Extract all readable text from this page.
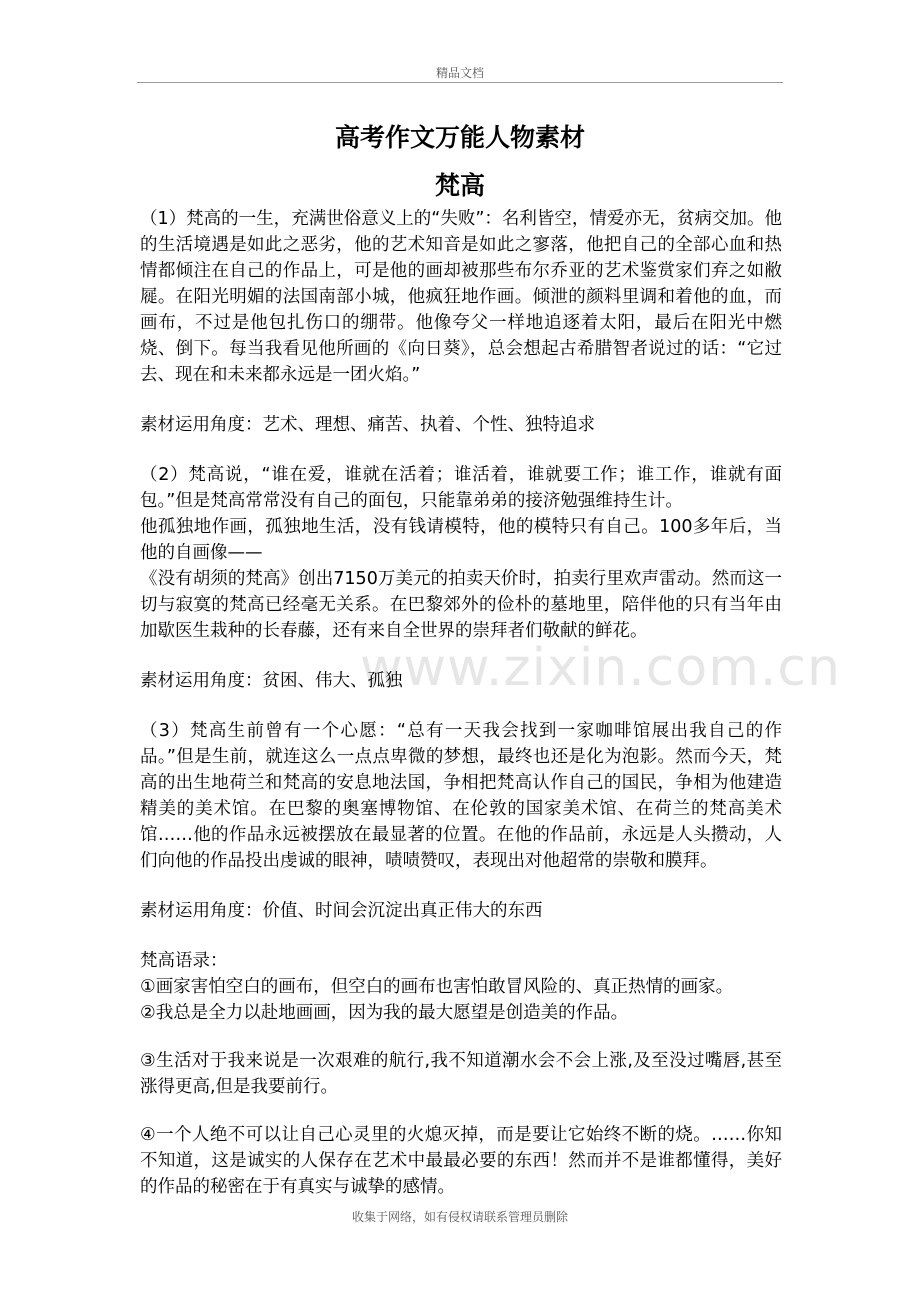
精品文档
高考作文万能人物素材
梵高
www.zixin.com.cn

（1）梵高的一生，充满世俗意义上的“失败”：名利皆空，情爱亦无，贫病交加。他的生活境遇是如此之恶劣，他的艺术知音是如此之寥落，他把自己的全部心血和热情都倾注在自己的作品上，可是他的画却被那些布尔乔亚的艺术鉴赏家们弃之如敝屣。在阳光明媚的法国南部小城，他疯狂地作画。倾泄的颜料里调和着他的血，而画布，不过是他包扎伤口的绷带。他像夸父一样地追逐着太阳，最后在阳光中燃烧、倒下。每当我看见他所画的《向日葵》，总会想起古希腊智者说过的话：“它过去、现在和未来都永远是一团火焰。”

素材运用角度：艺术、理想、痛苦、执着、个性、独特追求

（2）梵高说，“谁在爱，谁就在活着；谁活着，谁就要工作；谁工作，谁就有面包。”但是梵高常常没有自己的面包，只能靠弟弟的接济勉强维持生计。

他孤独地作画，孤独地生活，没有钱请模特，他的模特只有自己。100多年后，当他的自画像——

《没有胡须的梵高》创出7150万美元的拍卖天价时，拍卖行里欢声雷动。然而这一切与寂寞的梵高已经毫无关系。在巴黎郊外的俭朴的墓地里，陪伴他的只有当年由加歇医生栽种的长春藤，还有来自全世界的崇拜者们敬献的鲜花。

素材运用角度：贫困、伟大、孤独

（3）梵高生前曾有一个心愿：“总有一天我会找到一家咖啡馆展出我自己的作品。”但是生前，就连这么一点点卑微的梦想，最终也还是化为泡影。然而今天，梵高的出生地荷兰和梵高的安息地法国，争相把梵高认作自己的国民，争相为他建造精美的美术馆。在巴黎的奥塞博物馆、在伦敦的国家美术馆、在荷兰的梵高美术馆……他的作品永远被摆放在最显著的位置。在他的作品前，永远是人头攒动，人们向他的作品投出虔诚的眼神，啧啧赞叹，表现出对他超常的崇敬和膜拜。

素材运用角度：价值、时间会沉淀出真正伟大的东西

梵高语录：

①画家害怕空白的画布，但空白的画布也害怕敢冒风险的、真正热情的画家。

②我总是全力以赴地画画，因为我的最大愿望是创造美的作品。

③生活对于我来说是一次艰难的航行,我不知道潮水会不会上涨,及至没过嘴唇,甚至涨得更高,但是我要前行。

④一个人绝不可以让自己心灵里的火熄灭掉，而是要让它始终不断的烧。……你知不知道，这是诚实的人保存在艺术中最最必要的东西！然而并不是谁都懂得，美好的作品的秘密在于有真实与诚挚的感情。

收集于网络，如有侵权请联系管理员删除
